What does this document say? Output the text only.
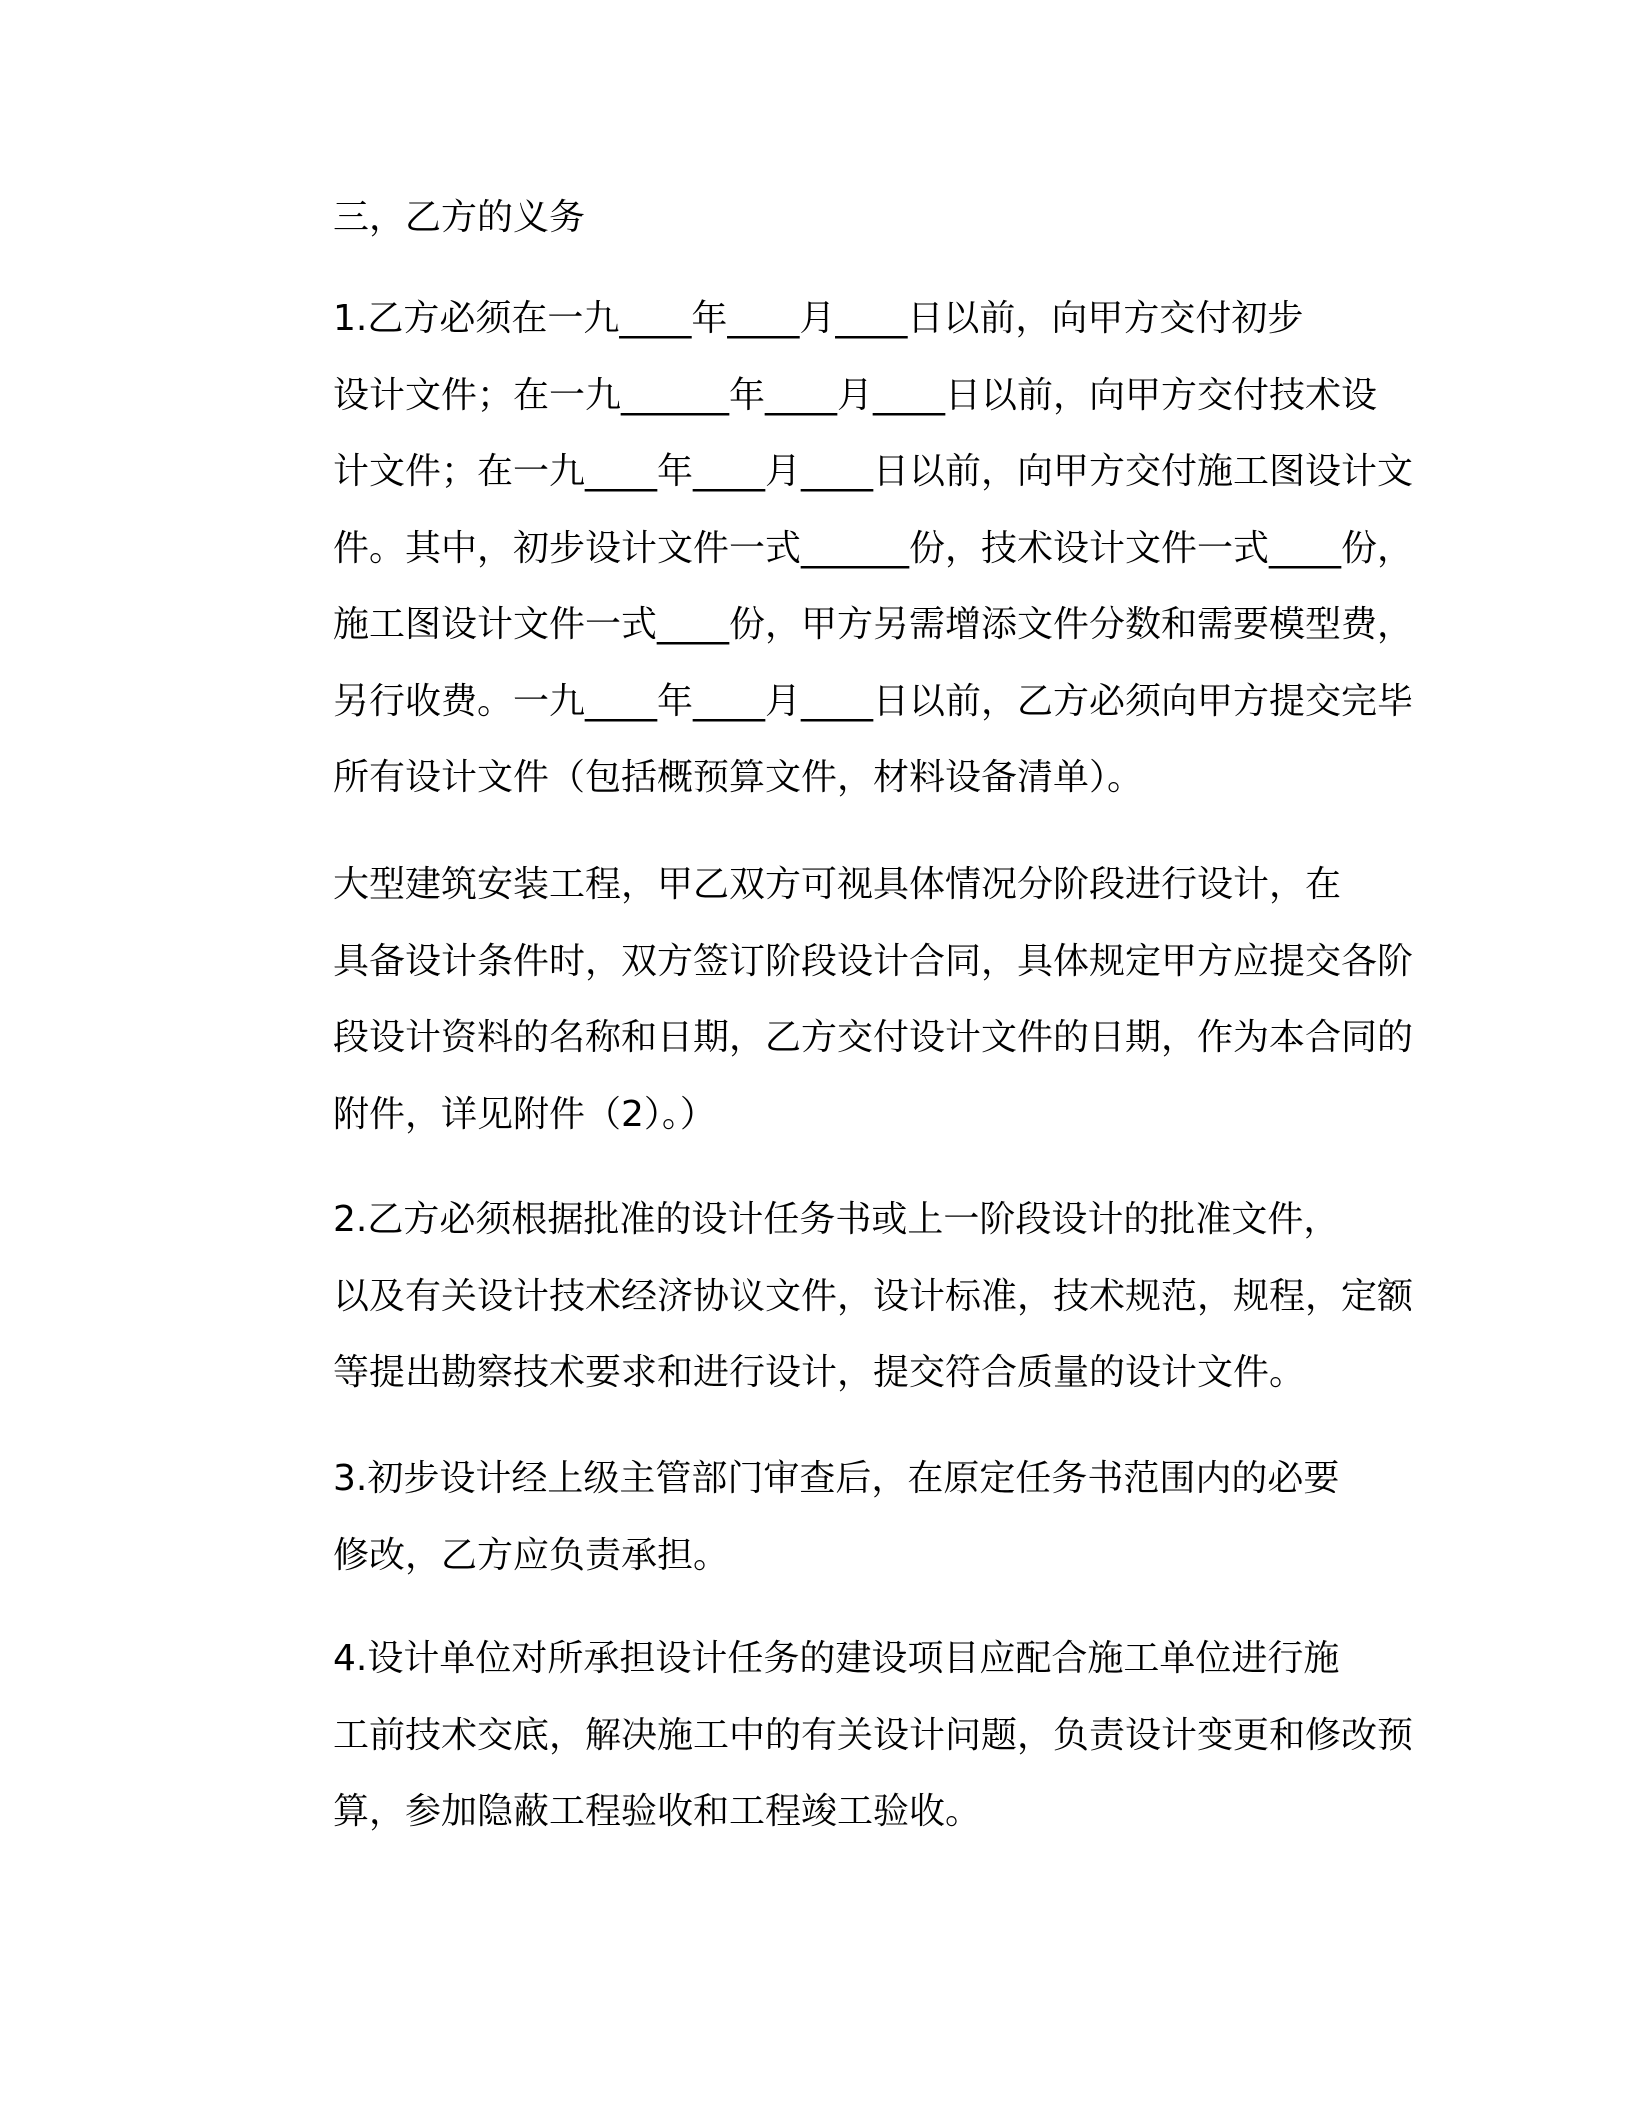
三，乙方的义务

1.乙方必须在一九____年____月____日以前，向甲方交付初步
设计文件；在一九______年____月____日以前，向甲方交付技术设
计文件；在一九____年____月____日以前，向甲方交付施工图设计文
件。其中，初步设计文件一式______份，技术设计文件一式____份，
施工图设计文件一式____份，甲方另需增添文件分数和需要模型费，
另行收费。一九____年____月____日以前，乙方必须向甲方提交完毕
所有设计文件（包括概预算文件，材料设备清单）。

大型建筑安装工程，甲乙双方可视具体情况分阶段进行设计，在
具备设计条件时，双方签订阶段设计合同，具体规定甲方应提交各阶
段设计资料的名称和日期，乙方交付设计文件的日期，作为本合同的
附件，详见附件（2）。）

2.乙方必须根据批准的设计任务书或上一阶段设计的批准文件，
以及有关设计技术经济协议文件，设计标准，技术规范，规程，定额
等提出勘察技术要求和进行设计，提交符合质量的设计文件。

3.初步设计经上级主管部门审查后，在原定任务书范围内的必要
修改，乙方应负责承担。

4.设计单位对所承担设计任务的建设项目应配合施工单位进行施
工前技术交底，解决施工中的有关设计问题，负责设计变更和修改预
算，参加隐蔽工程验收和工程竣工验收。
